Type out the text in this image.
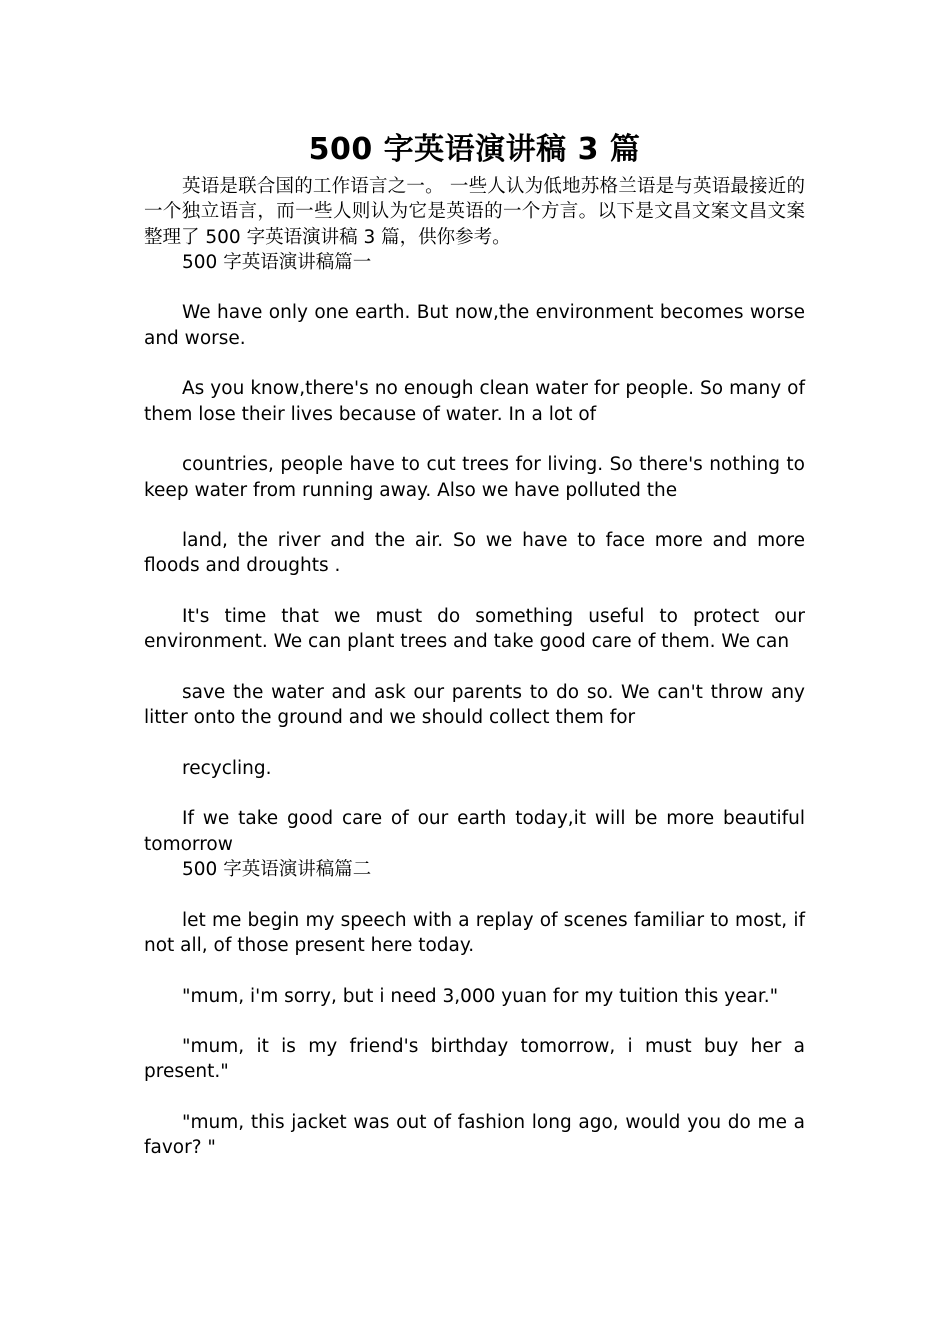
500 字英语演讲稿 3 篇

英语是联合国的工作语言之一。 一些人认为低地苏格兰语是与英语最接近的一个独立语言，而一些人则认为它是英语的一个方言。以下是文昌文案文昌文案整理了 500 字英语演讲稿 3 篇，供你参考。

500 字英语演讲稿篇一

We have only one earth. But now,the environment becomes worse and worse.

As you know,there's no enough clean water for people. So many of them lose their lives because of water. In a lot of

countries, people have to cut trees for living. So there's nothing to keep water from running away. Also we have polluted the

land, the river and the air. So we have to face more and more floods and droughts .

It's time that we must do something useful to protect our environment. We can plant trees and take good care of them. We can

save the water and ask our parents to do so. We can't throw any litter onto the ground and we should collect them for

recycling.

If we take good care of our earth today,it will be more beautiful tomorrow

500 字英语演讲稿篇二

let me begin my speech with a replay of scenes familiar to most, if not all, of those present here today.

"mum, i'm sorry, but i need 3,000 yuan for my tuition this year."

"mum, it is my friend's birthday tomorrow, i must buy her a present."

"mum, this jacket was out of fashion long ago, would you do me a favor? "
